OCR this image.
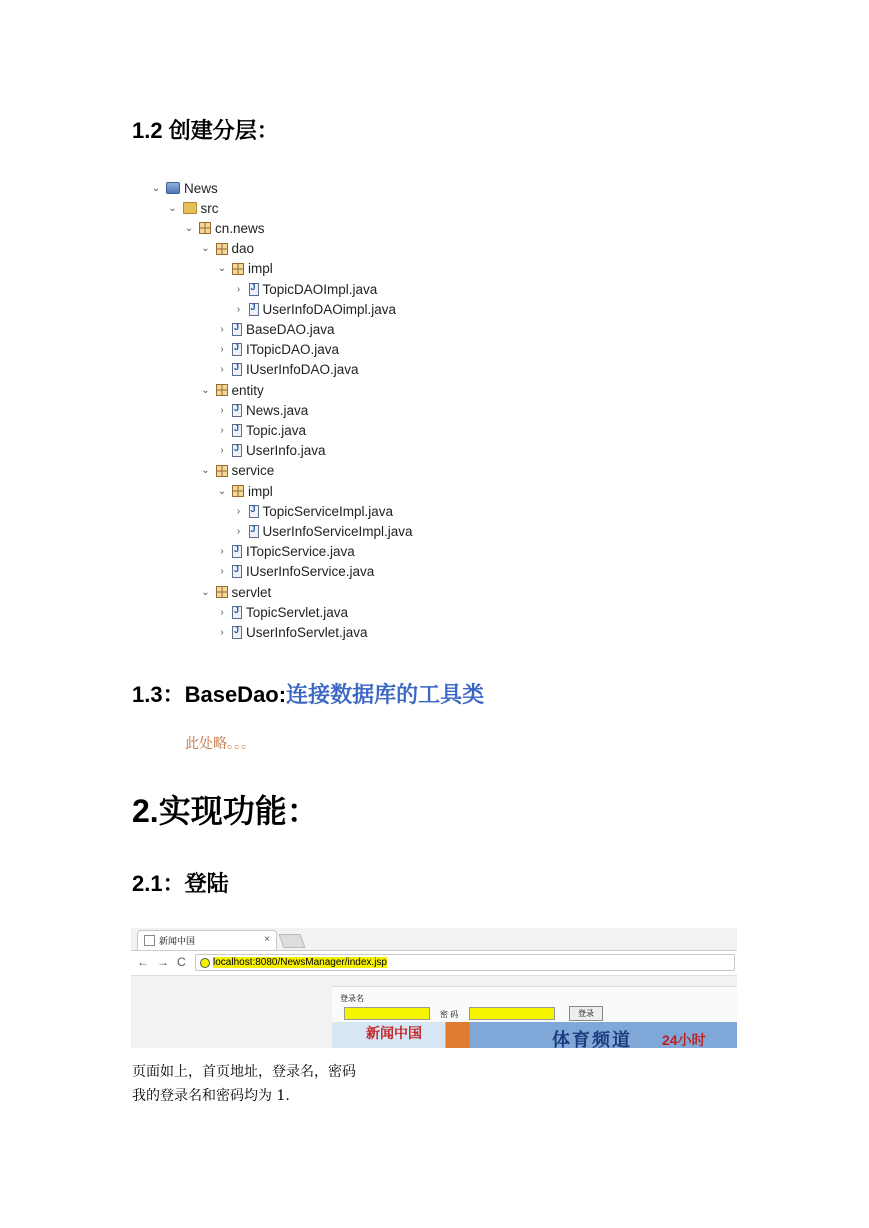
1.2 创建分层：
⌄ News
⌄ src
⌄ cn.news
⌄ dao
⌄ impl
› J	TopicDAOImpl.java
› J	UserInfoDAOimpl.java
› J	BaseDAO.java
› J	ITopicDAO.java
› J	IUserInfoDAO.java
⌄ entity
› J	News.java
› J	Topic.java
› J	UserInfo.java
⌄ service
⌄ impl
› J	TopicServiceImpl.java
› J	UserInfoServiceImpl.java
› J	ITopicService.java
› J	IUserInfoService.java
⌄ servlet
› J	TopicServlet.java
› J	UserInfoServlet.java
1.3：BaseDao:连接数据库的工具类
此处略。。。
2.实现功能：
2.1：登陆
新闻中国	×
← → C	localhost :8080/NewsManager/index.jsp
登录名
密 码	登录
新闻中国	体育频道 24小时
页面如上，首页地址，登录名，密码
我的登录名和密码均为 1.
